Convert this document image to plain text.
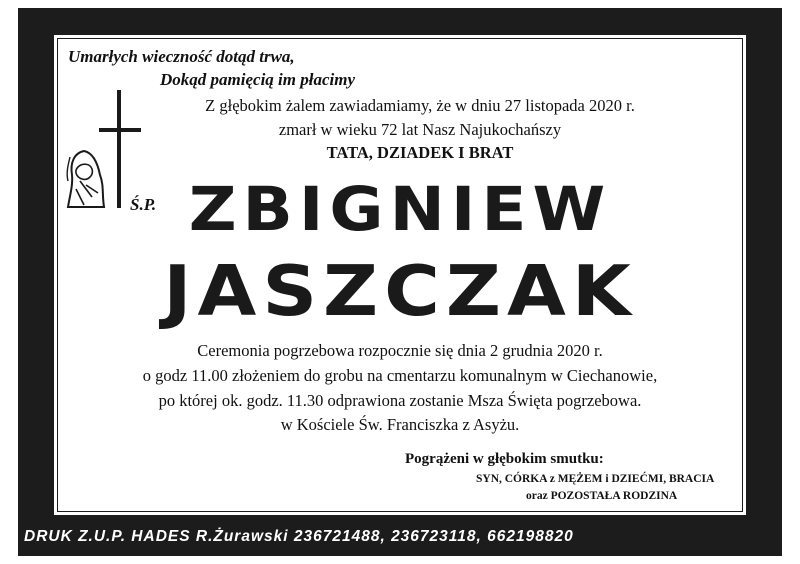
Umarłych wieczność dotąd trwa,
Dokąd pamięcią im płacimy
Z głębokim żalem zawiadamiamy, że w dniu 27 listopada 2020 r.
zmarł w wieku 72 lat Nasz Najukochańszy
TATA, DZIADEK I BRAT
Ś.P. ZBIGNIEW
JASZCZAK
Ceremonia pogrzebowa rozpocznie się dnia 2 grudnia 2020 r.
o godz 11.00 złożeniem do grobu na cmentarzu komunalnym w Ciechanowie,
po której ok. godz. 11.30 odprawiona zostanie Msza Święta pogrzebowa.
w Kościele Św. Franciszka z Asyżu.
Pogrążeni w głębokim smutku:
SYN, CÓRKA z MĘŻEM i DZIEĆMI, BRACIA
oraz POZOSTAŁA RODZINA
DRUK Z.U.P. HADES R.Żurawski 236721488, 236723118, 662198820
